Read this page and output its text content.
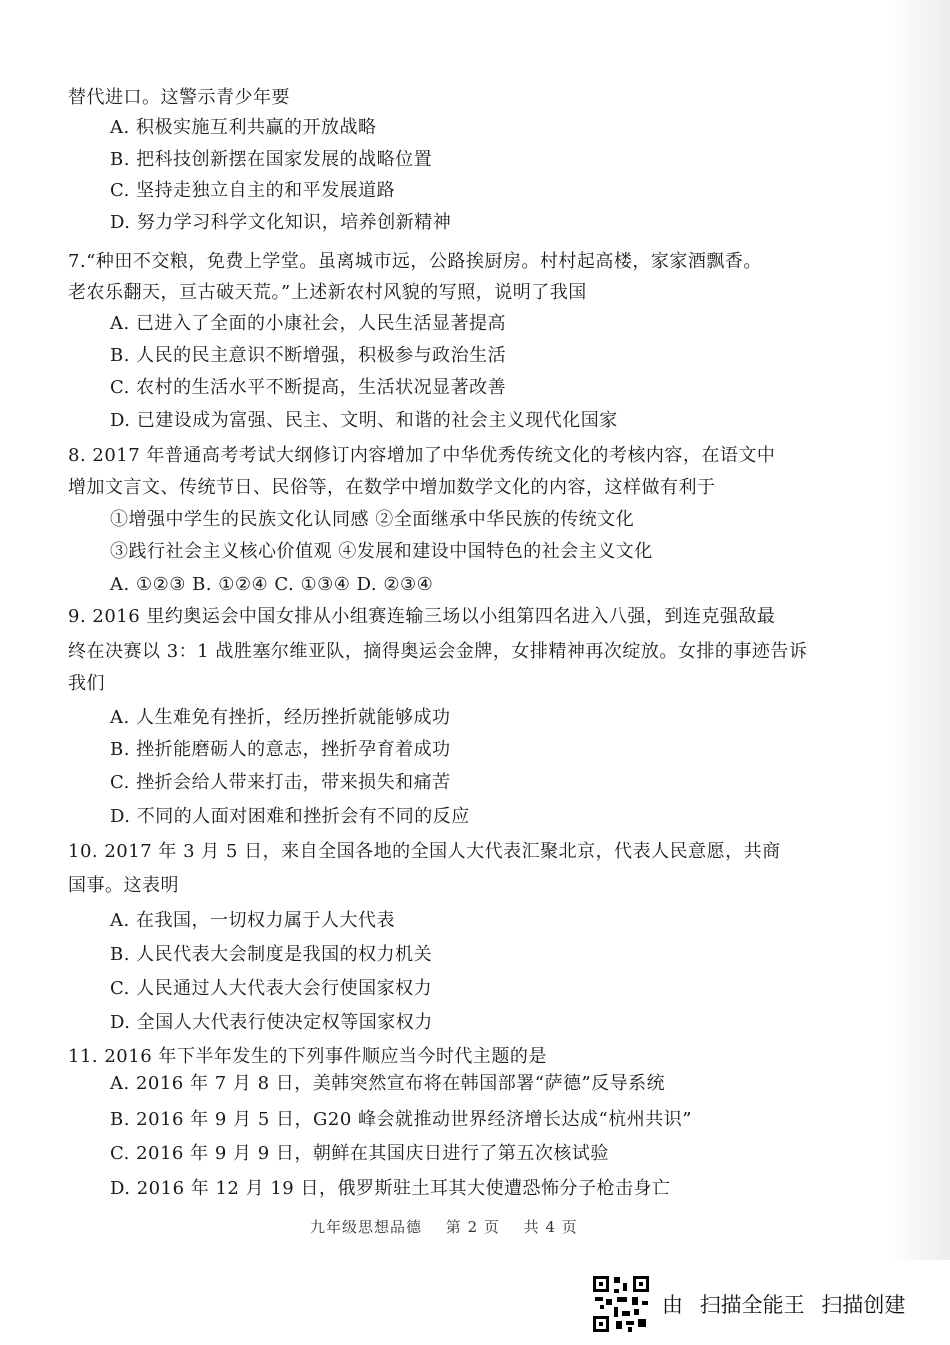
替代进口。这警示青少年要
A. 积极实施互利共赢的开放战略
B. 把科技创新摆在国家发展的战略位置
C. 坚持走独立自主的和平发展道路
D. 努力学习科学文化知识，培养创新精神
7.“种田不交粮，免费上学堂。虽离城市远，公路挨厨房。村村起高楼，家家酒飘香。
老农乐翻天，亘古破天荒。”上述新农村风貌的写照，说明了我国
A. 已进入了全面的小康社会，人民生活显著提高
B. 人民的民主意识不断增强，积极参与政治生活
C. 农村的生活水平不断提高，生活状况显著改善
D. 已建设成为富强、民主、文明、和谐的社会主义现代化国家
8. 2017 年普通高考考试大纲修订内容增加了中华优秀传统文化的考核内容，在语文中
增加文言文、传统节日、民俗等，在数学中增加数学文化的内容，这样做有利于
①增强中学生的民族文化认同感 ②全面继承中华民族的传统文化
③践行社会主义核心价值观 ④发展和建设中国特色的社会主义文化
A. ①②③ B. ①②④ C. ①③④ D. ②③④
9. 2016 里约奥运会中国女排从小组赛连输三场以小组第四名进入八强，到连克强敌最
终在决赛以 3：1 战胜塞尔维亚队，摘得奥运会金牌，女排精神再次绽放。女排的事迹告诉
我们
A. 人生难免有挫折，经历挫折就能够成功
B. 挫折能磨砺人的意志，挫折孕育着成功
C. 挫折会给人带来打击，带来损失和痛苦
D. 不同的人面对困难和挫折会有不同的反应
10. 2017 年 3 月 5 日，来自全国各地的全国人大代表汇聚北京，代表人民意愿，共商
国事。这表明
A. 在我国，一切权力属于人大代表
B. 人民代表大会制度是我国的权力机关
C. 人民通过人大代表大会行使国家权力
D. 全国人大代表行使决定权等国家权力
11. 2016 年下半年发生的下列事件顺应当今时代主题的是
A. 2016 年 7 月 8 日，美韩突然宣布将在韩国部署“萨德”反导系统
B. 2016 年 9 月 5 日，G20 峰会就推动世界经济增长达成“杭州共识”
C. 2016 年 9 月 9 日，朝鲜在其国庆日进行了第五次核试验
D. 2016 年 12 月 19 日，俄罗斯驻土耳其大使遭恐怖分子枪击身亡
九年级思想品德 第 2 页 共 4 页
由 扫描全能王 扫描创建
